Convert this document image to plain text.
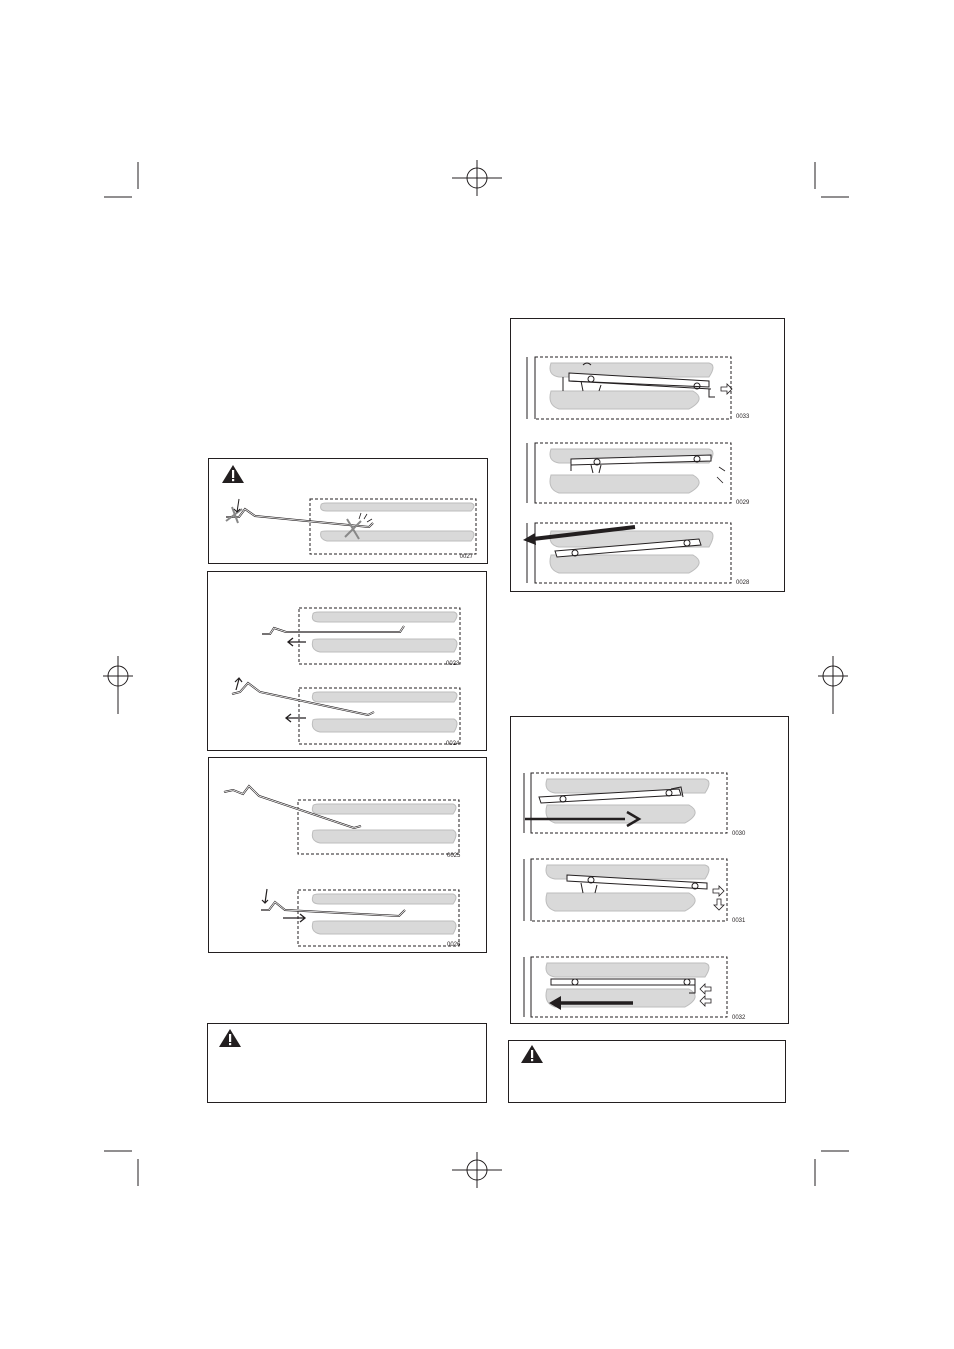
0027
0023
0024
0025
0026
0033
0029
0028
0030
0031
0032
